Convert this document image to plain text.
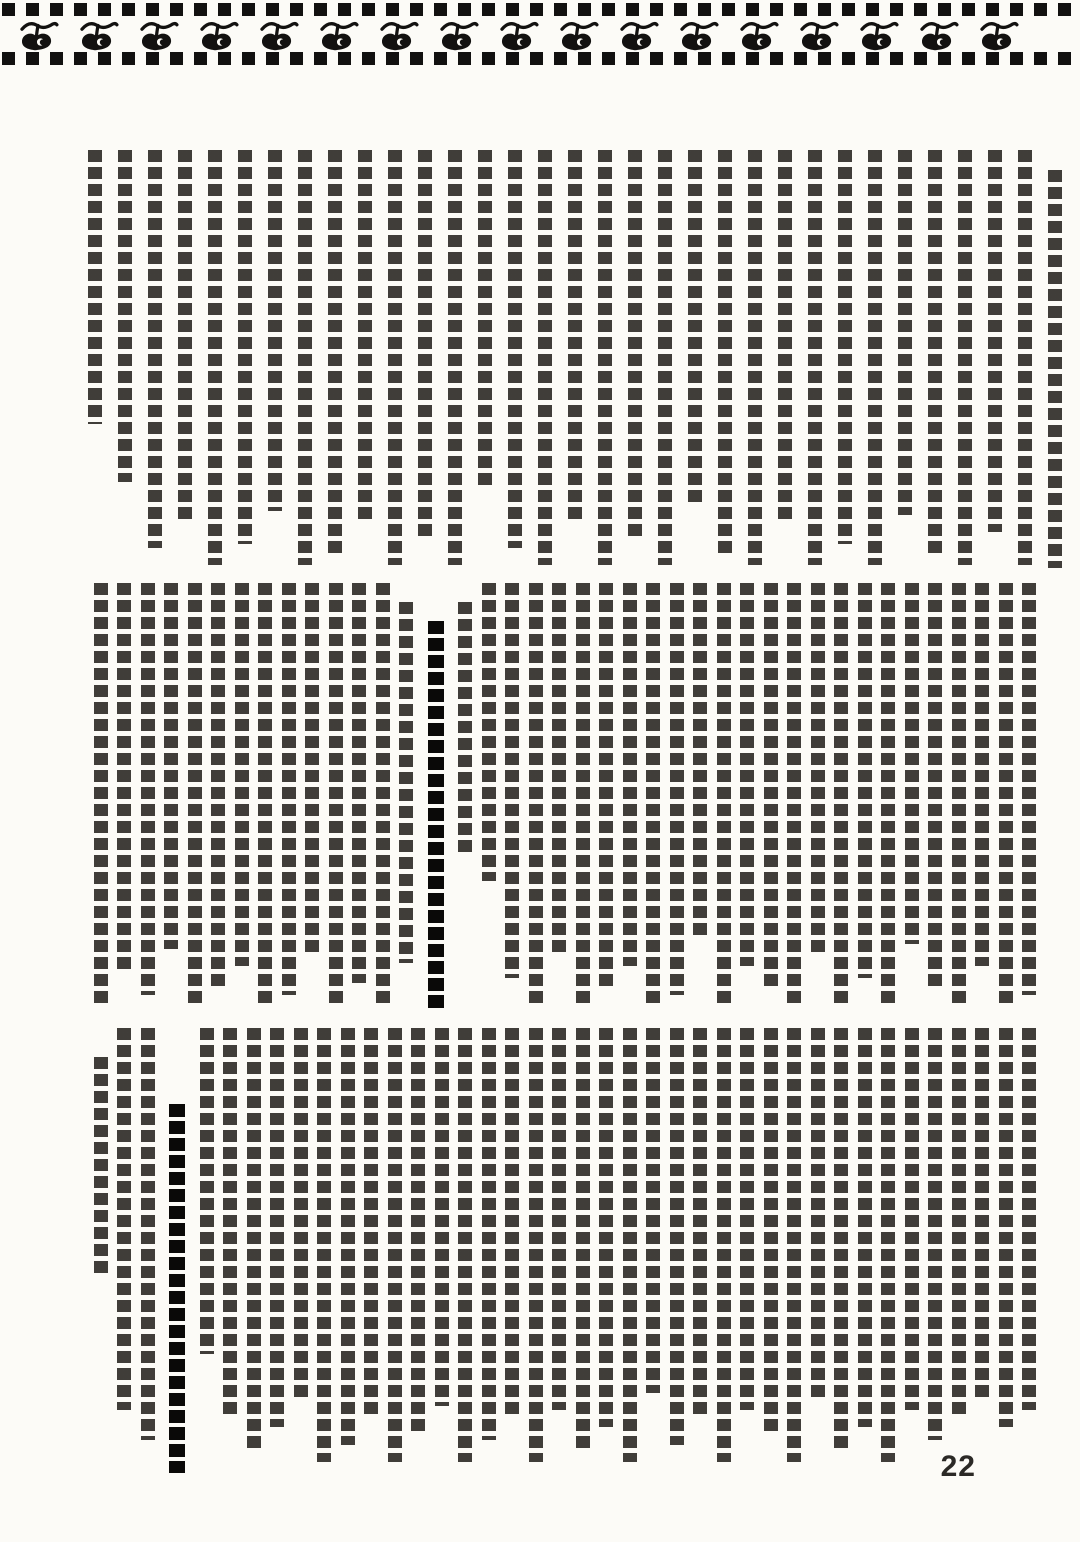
22
